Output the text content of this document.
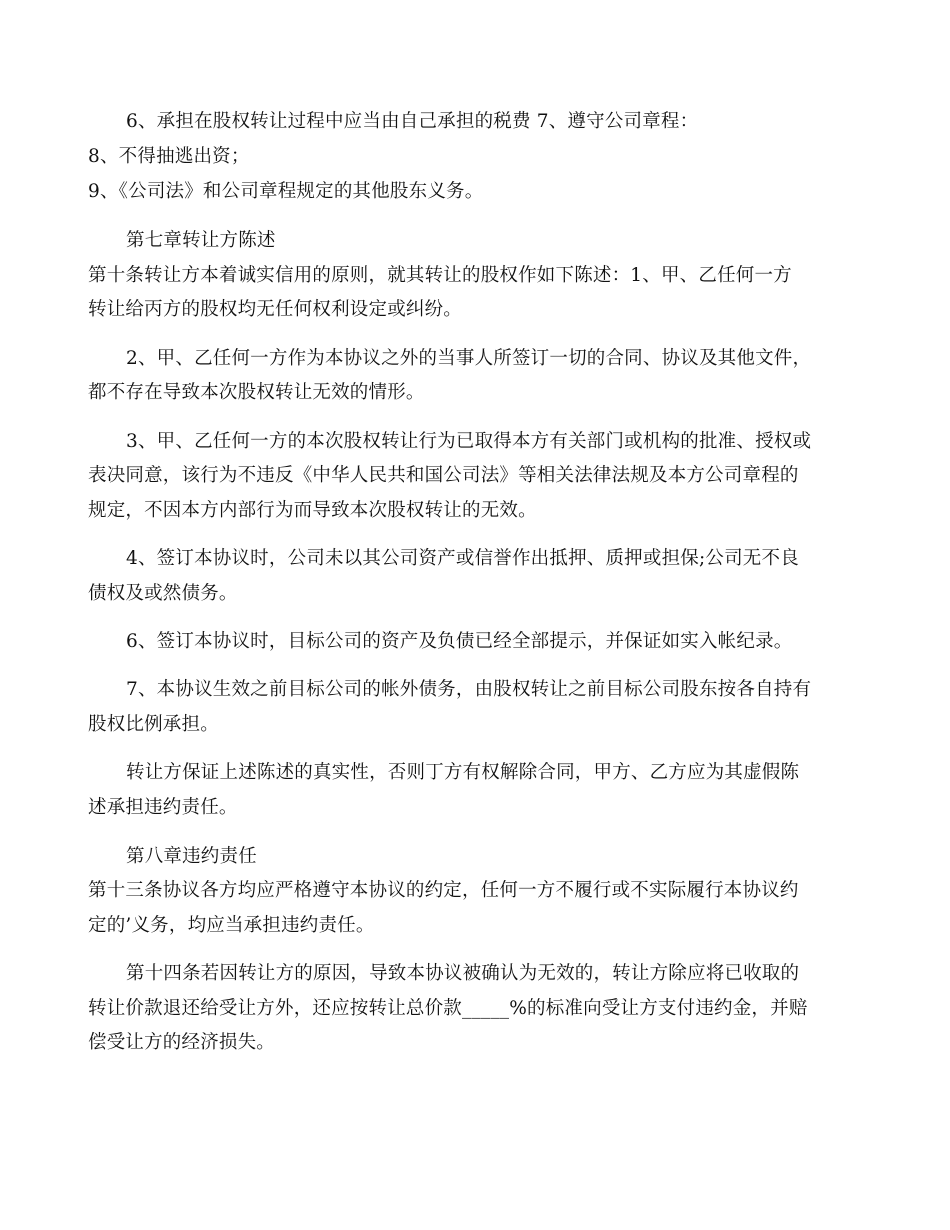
6、承担在股权转让过程中应当由自己承担的税费 7、遵守公司章程：
8、不得抽逃出资；
9、《公司法》和公司章程规定的其他股东义务。
第七章转让方陈述
第十条转让方本着诚实信用的原则，就其转让的股权作如下陈述：1、甲、乙任何一方
转让给丙方的股权均无任何权利设定或纠纷。
2、甲、乙任何一方作为本协议之外的当事人所签订一切的合同、协议及其他文件，
都不存在导致本次股权转让无效的情形。
3、甲、乙任何一方的本次股权转让行为已取得本方有关部门或机构的批准、授权或
表决同意，该行为不违反《中华人民共和国公司法》等相关法律法规及本方公司章程的
规定，不因本方内部行为而导致本次股权转让的无效。
4、签订本协议时，公司未以其公司资产或信誉作出抵押、质押或担保;公司无不良
债权及或然债务。
6、签订本协议时，目标公司的资产及负债已经全部提示，并保证如实入帐纪录。
7、本协议生效之前目标公司的帐外债务，由股权转让之前目标公司股东按各自持有
股权比例承担。
转让方保证上述陈述的真实性，否则丁方有权解除合同，甲方、乙方应为其虚假陈
述承担违约责任。
第八章违约责任
第十三条协议各方均应严格遵守本协议的约定，任何一方不履行或不实际履行本协议约
定的’义务，均应当承担违约责任。
第十四条若因转让方的原因，导致本协议被确认为无效的，转让方除应将已收取的
转让价款退还给受让方外，还应按转让总价款_____%的标准向受让方支付违约金，并赔
偿受让方的经济损失。
